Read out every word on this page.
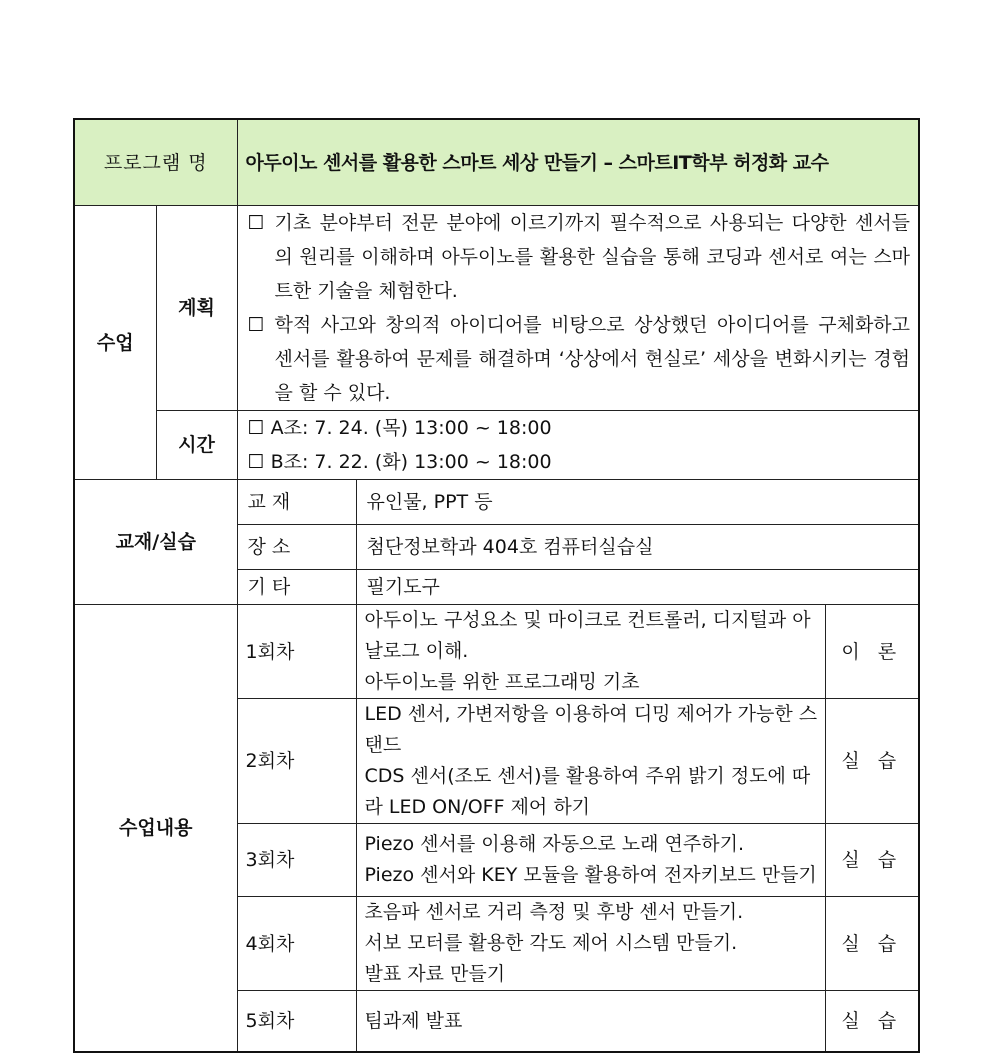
프로그램 명		아두이노 센서를 활용한 스마트 세상 만들기 – 스마트IT학부 허정화 교수		
수업	계획	☐ 기초 분야부터 전문 분야에 이르기까지 필수적으로 사용되는 다양한 센서들의 원리를 이해하며 아두이노를 활용한 실습을 통해 코딩과 센서로 여는 스마트한 기술을 체험한다.
☐ 학적 사고와 창의적 아이디어를 비탕으로 상상했던 아이디어를 구체화하고 센서를 활용하여 문제를 해결하며 ‘상상에서 현실로’ 세상을 변화시키는 경험을 할 수 있다.		

	시간	☐ A조: 7. 24. (목) 13:00 ~ 18:00
☐ B조: 7. 22. (화) 13:00 ~ 18:00		

교재/실습		교 재	유인물, PPT 등	
		장 소	첨단정보학과 404호 컴퓨터실습실	
		기 타	필기도구	
수업내용		1회차	아두이노 구성요소 및 마이크로 컨트롤러, 디지털과 아날로그 이해.
아두이노를 위한 프로그래밍 기초	이 론
		2회차	LED 센서, 가변저항을 이용하여 디밍 제어가 가능한 스탠드
CDS 센서(조도 센서)를 활용하여 주위 밝기 정도에 따라 LED ON/OFF 제어 하기	실 습
		3회차	Piezo 센서를 이용해 자동으로 노래 연주하기.
Piezo 센서와 KEY 모듈을 활용하여 전자키보드 만들기	실 습
		4회차	초음파 센서로 거리 측정 및 후방 센서 만들기.
서보 모터를 활용한 각도 제어 시스템 만들기.
발표 자료 만들기	실 습
		5회차	팀과제 발표	실 습
